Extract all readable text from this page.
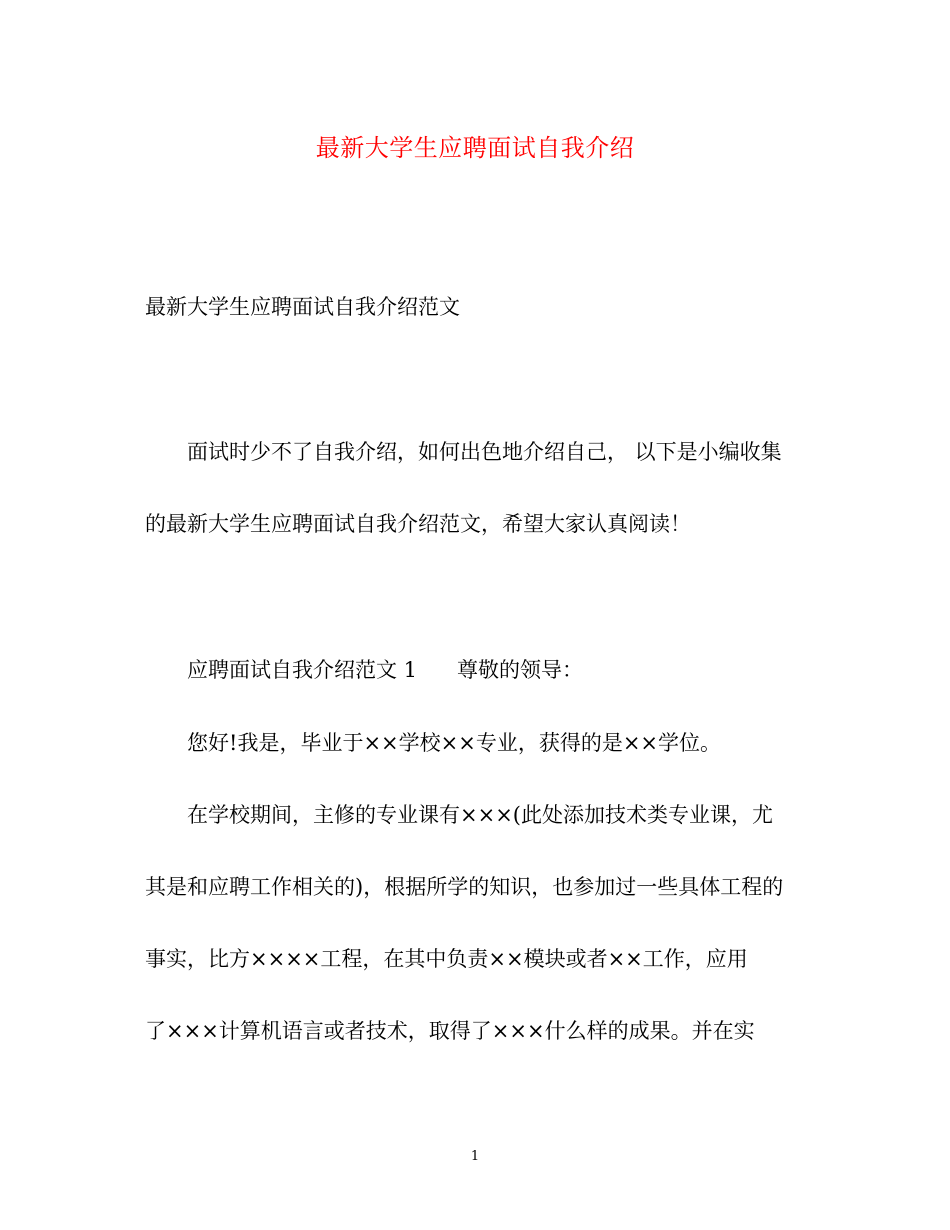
最新大学生应聘面试自我介绍
最新大学生应聘面试自我介绍范文
面试时少不了自我介绍，如何出色地介绍自己， 以下是小编收集
的最新大学生应聘面试自我介绍范文，希望大家认真阅读！
应聘面试自我介绍范文 1 尊敬的领导：
您好!我是，毕业于××学校××专业，获得的是××学位。
在学校期间，主修的专业课有×××(此处添加技术类专业课，尤
其是和应聘工作相关的)，根据所学的知识，也参加过一些具体工程的
事实，比方××××工程，在其中负责××模块或者××工作，应用
了×××计算机语言或者技术，取得了×××什么样的成果。并在实
1
